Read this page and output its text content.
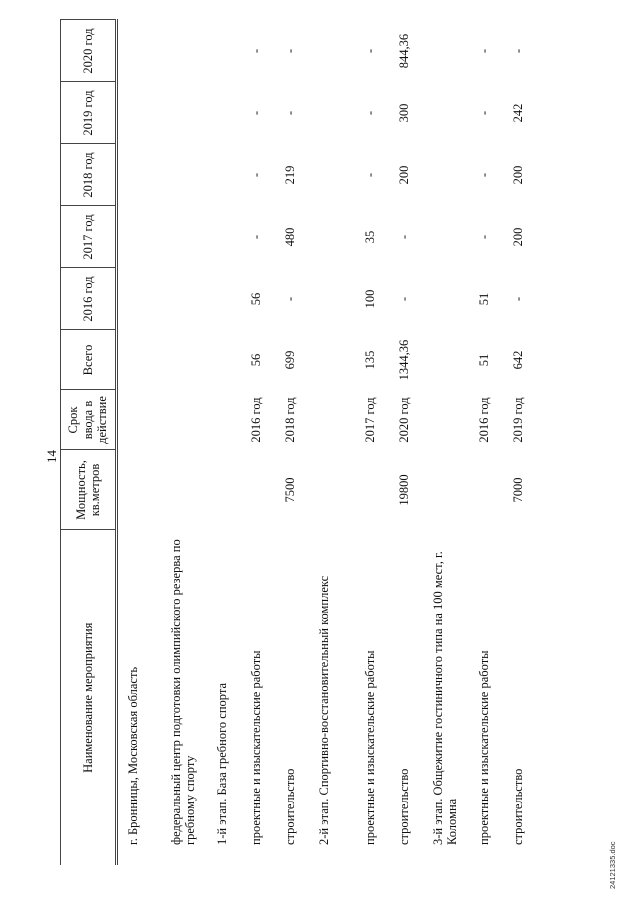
14
Наименование мероприятия	Мощность, кв.метров	Срок ввода в действие	Всего	2016 год	2017 год	2018 год	2019 год	2020 год
г. Бронницы, Московская область								
федеральный центр подготовки олимпийского резерва по гребному спорту								
1-й этап. База гребного спорта								
проектные и изыскательские работы		2016 год	56	56	-	-	-	-
строительство	7500	2018 год	699	-	480	219	-	-
2-й этап. Спортивно-восстановительный комплекс								
проектные и изыскательские работы		2017 год	135	100	35	-	-	-
строительство	19800	2020 год	1344,36	-	-	200	300	844,36
3-й этап. Общежитие гостиничного типа на 100 мест, г. Коломна								
проектные и изыскательские работы		2016 год	51	51	-	-	-	-
строительство	7000	2019 год	642	-	200	200	242	-
24121335.doc
